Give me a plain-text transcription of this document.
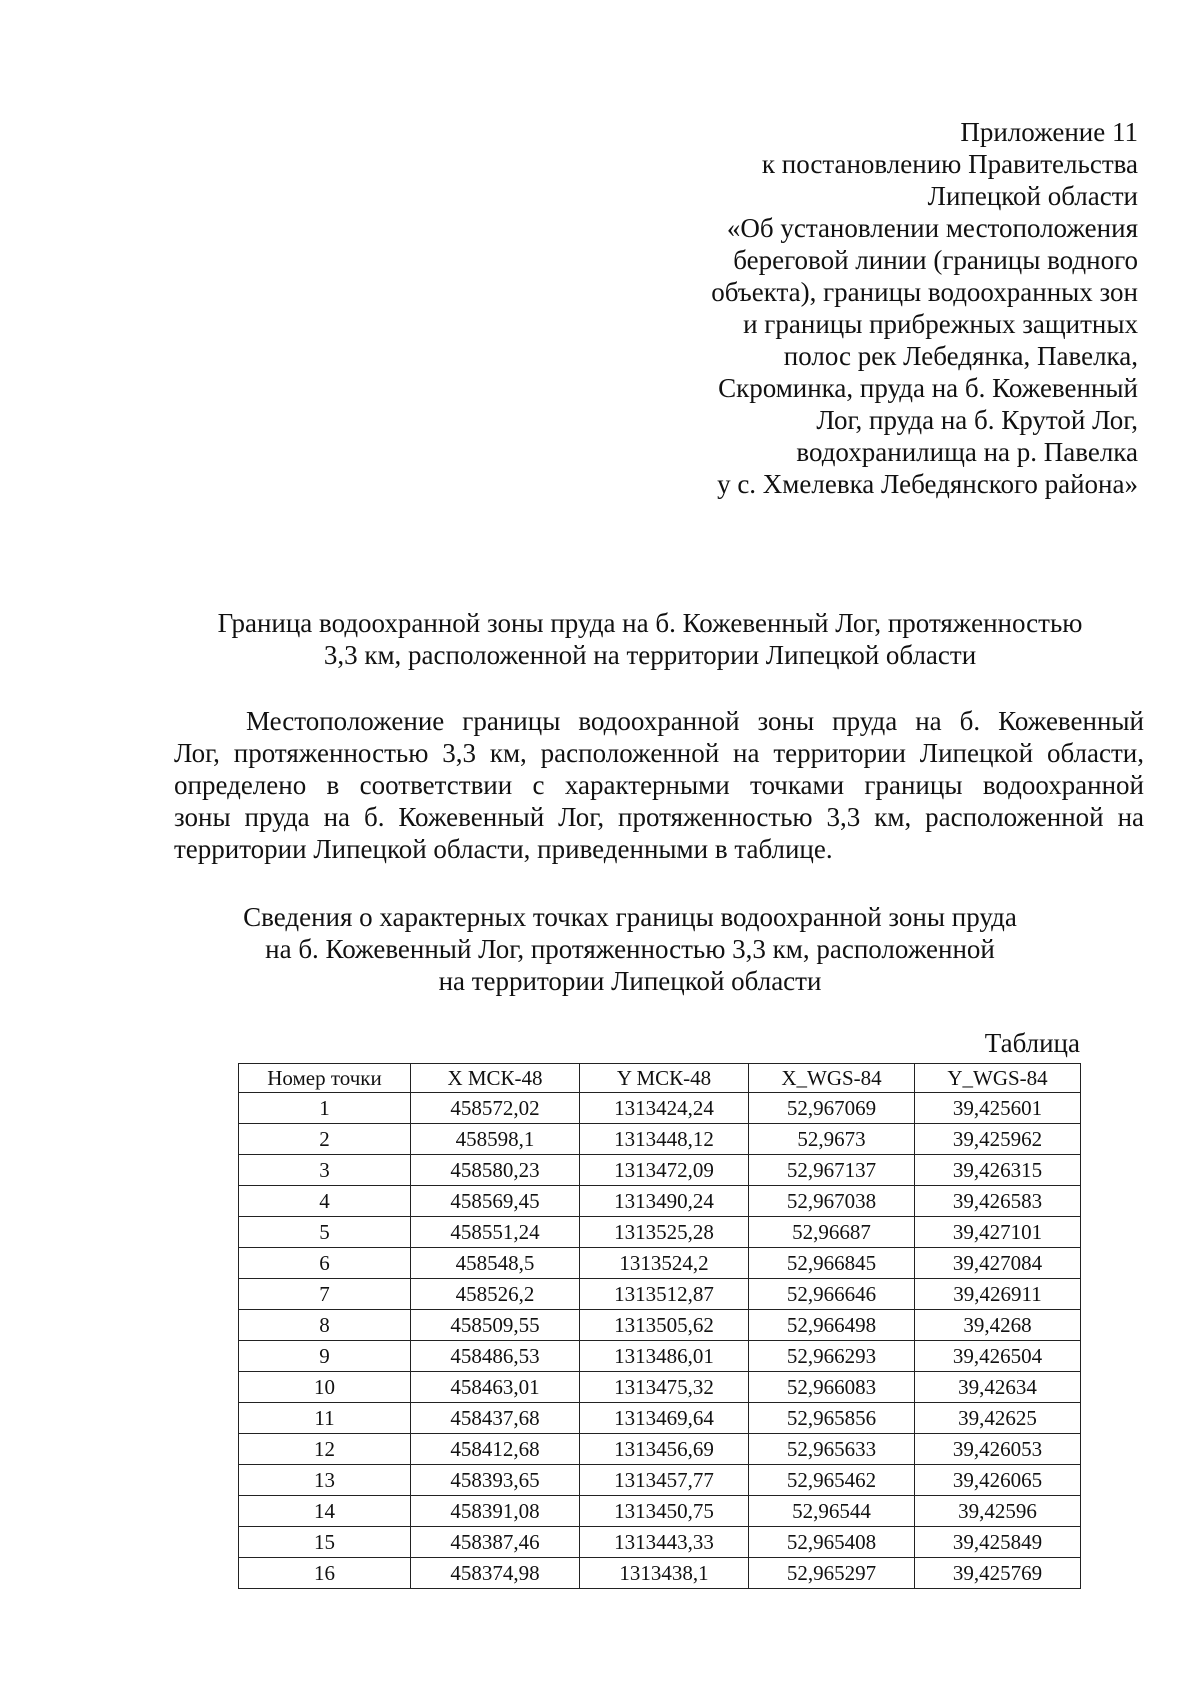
Приложение 11
к постановлению Правительства
Липецкой области
«Об установлении местоположения
береговой линии (границы водного
объекта), границы водоохранных зон
и границы прибрежных защитных
полос рек Лебедянка, Павелка,
Скроминка, пруда на б. Кожевенный
Лог, пруда на б. Крутой Лог,
водохранилища на р. Павелка
у с. Хмелевка Лебедянского района»
Граница водоохранной зоны пруда на б. Кожевенный Лог, протяженностью
3,3 км, расположенной на территории Липецкой области
Местоположение границы водоохранной зоны пруда на б. Кожевенный
Лог, протяженностью 3,3 км, расположенной на территории Липецкой области,
определено в соответствии с характерными точками границы водоохранной
зоны пруда на б. Кожевенный Лог, протяженностью 3,3 км, расположенной на
территории Липецкой области, приведенными в таблице.
Сведения о характерных точках границы водоохранной зоны пруда
на б. Кожевенный Лог, протяженностью 3,3 км, расположенной
на территории Липецкой области
Таблица
Номер точки	X МСК-48	Y МСК-48	X_WGS-84	Y_WGS-84
1	458572,02	1313424,24	52,967069	39,425601
2	458598,1	1313448,12	52,9673	39,425962
3	458580,23	1313472,09	52,967137	39,426315
4	458569,45	1313490,24	52,967038	39,426583
5	458551,24	1313525,28	52,96687	39,427101
6	458548,5	1313524,2	52,966845	39,427084
7	458526,2	1313512,87	52,966646	39,426911
8	458509,55	1313505,62	52,966498	39,4268
9	458486,53	1313486,01	52,966293	39,426504
10	458463,01	1313475,32	52,966083	39,42634
11	458437,68	1313469,64	52,965856	39,42625
12	458412,68	1313456,69	52,965633	39,426053
13	458393,65	1313457,77	52,965462	39,426065
14	458391,08	1313450,75	52,96544	39,42596
15	458387,46	1313443,33	52,965408	39,425849
16	458374,98	1313438,1	52,965297	39,425769
